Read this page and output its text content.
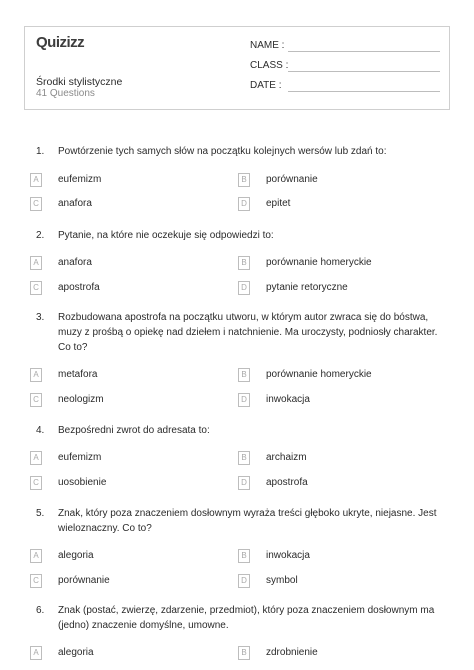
Quizizz
Środki stylistyczne
41 Questions
NAME :
CLASS :
DATE :
1.	Powtórzenie tych samych słów na początku kolejnych wersów lub zdań to:
A	eufemizm	B	porównanie
C	anafora	D	epitet
2.	Pytanie, na które nie oczekuje się odpowiedzi to:
A	anafora	B	porównanie homeryckie
C	apostrofa	D	pytanie retoryczne
3.	Rozbudowana apostrofa na początku utworu, w którym autor zwraca się do bóstwa, muzy z prośbą o opiekę nad dziełem i natchnienie. Ma uroczysty, podniosły charakter. Co to?
A	metafora	B	porównanie homeryckie
C	neologizm	D	inwokacja
4.	Bezpośredni zwrot do adresata to:
A	eufemizm	B	archaizm
C	uosobienie	D	apostrofa
5.	Znak, który poza znaczeniem dosłownym wyraża treści głęboko ukryte, niejasne. Jest wieloznaczny. Co to?
A	alegoria	B	inwokacja
C	porównanie	D	symbol
6.	Znak (postać, zwierzę, zdarzenie, przedmiot), który poza znaczeniem dosłownym ma (jedno) znaczenie domyślne, umowne.
A	alegoria	B	zdrobnienie
